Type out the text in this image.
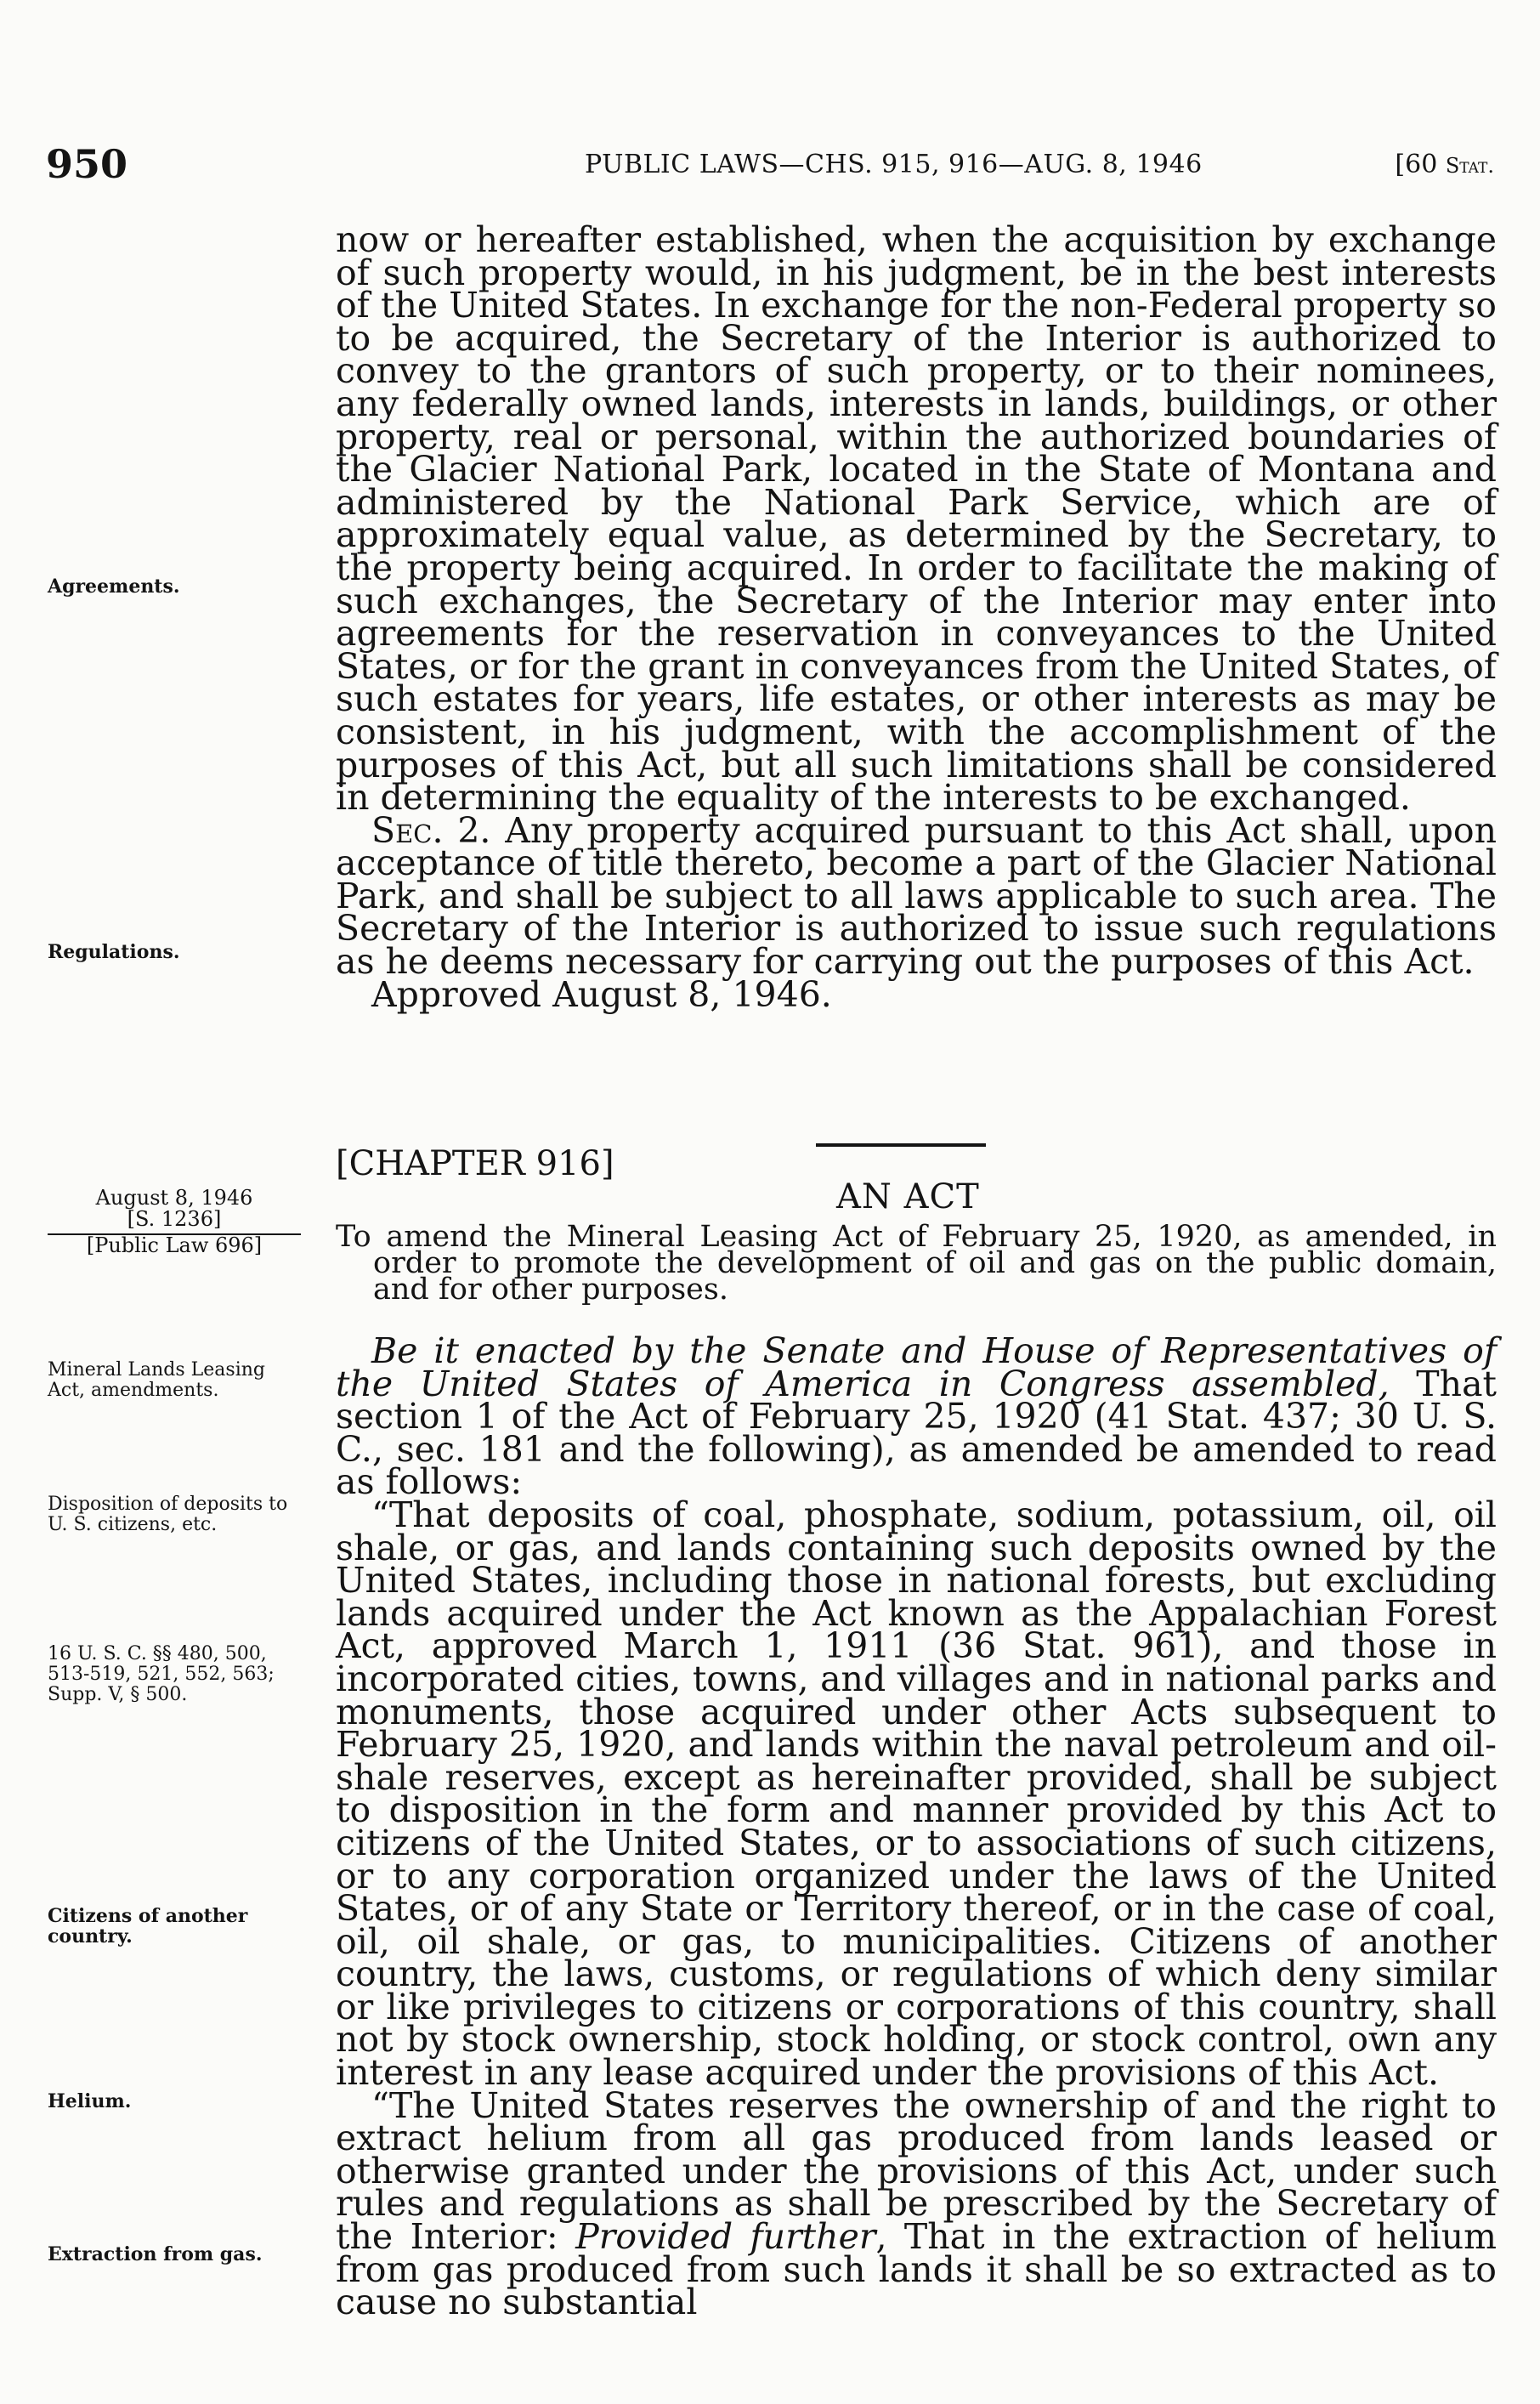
950	PUBLIC LAWS—CHS. 915, 916—AUG. 8, 1946	[60 Stat.

now or hereafter established, when the acquisition by exchange of such property would, in his judgment, be in the best interests of the United States. In exchange for the non-Federal property so to be acquired, the Secretary of the Interior is authorized to convey to the grantors of such property, or to their nominees, any federally owned lands, interests in lands, buildings, or other property, real or personal, within the authorized boundaries of the Glacier National Park, located in the State of Montana and administered by the National Park Service, which are of approximately equal value, as determined by the Secretary, to the property being acquired. In order to facilitate the making of such exchanges, the Secretary of the Interior may enter into agreements for the reservation in conveyances to the United States, or for the grant in conveyances from the United States, of such estates for years, life estates, or other interests as may be consistent, in his judgment, with the accomplishment of the purposes of this Act, but all such limitations shall be considered in determining the equality of the interests to be exchanged.

Sec. 2. Any property acquired pursuant to this Act shall, upon acceptance of title thereto, become a part of the Glacier National Park, and shall be subject to all laws applicable to such area. The Secretary of the Interior is authorized to issue such regulations as he deems necessary for carrying out the purposes of this Act.

Approved August 8, 1946.

Agreements.
Regulations.
[CHAPTER 916]
AN ACT
August 8, 1946
[S. 1236]
[Public Law 696]	To amend the Mineral Leasing Act of February 25, 1920, as amended, in order to promote the development of oil and gas on the public domain, and for other purposes.

Be it enacted by the Senate and House of Representatives of the United States of America in Congress assembled, That section 1 of the Act of February 25, 1920 (41 Stat. 437; 30 U. S. C., sec. 181 and the following), as amended be amended to read as follows:

“That deposits of coal, phosphate, sodium, potassium, oil, oil shale, or gas, and lands containing such deposits owned by the United States, including those in national forests, but excluding lands acquired under the Act known as the Appalachian Forest Act, approved March 1, 1911 (36 Stat. 961), and those in incorporated cities, towns, and villages and in national parks and monuments, those acquired under other Acts subsequent to February 25, 1920, and lands within the naval petroleum and oil-shale reserves, except as hereinafter provided, shall be subject to disposition in the form and manner provided by this Act to citizens of the United States, or to associations of such citizens, or to any corporation organized under the laws of the United States, or of any State or Territory thereof, or in the case of coal, oil, oil shale, or gas, to municipalities. Citizens of another country, the laws, customs, or regulations of which deny similar or like privileges to citizens or corporations of this country, shall not by stock ownership, stock holding, or stock control, own any interest in any lease acquired under the provisions of this Act.

“The United States reserves the ownership of and the right to extract helium from all gas produced from lands leased or otherwise granted under the provisions of this Act, under such rules and regulations as shall be prescribed by the Secretary of the Interior: Provided further, That in the extraction of helium from gas produced from such lands it shall be so extracted as to cause no substantial

Mineral Lands Leasing Act, amendments.
Disposition of deposits to U. S. citizens, etc.
16 U. S. C. §§ 480, 500, 513-519, 521, 552, 563; Supp. V, § 500.
Citizens of another country.
Helium.
Extraction from gas.
